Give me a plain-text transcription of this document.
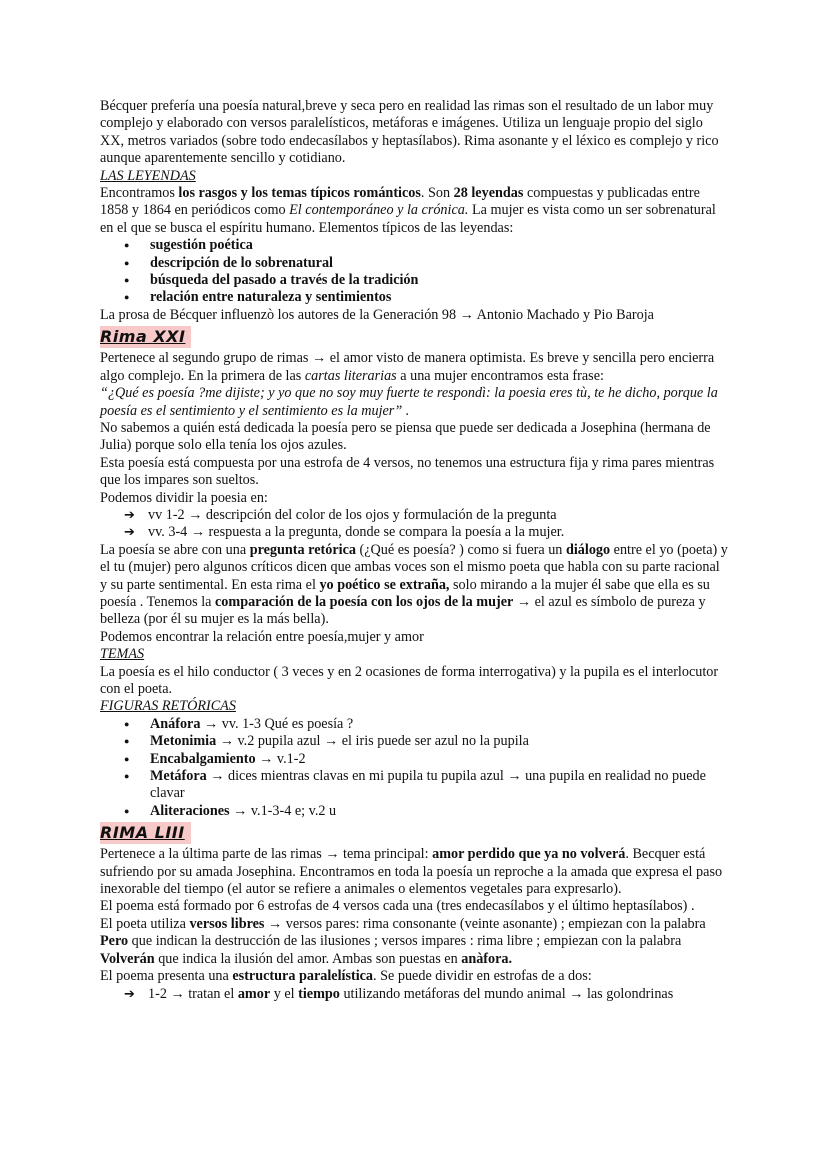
Bécquer prefería una poesía natural,breve y seca pero en realidad las rimas son el resultado de un labor muy complejo y elaborado con versos paralelísticos, metáforas e imágenes. Utiliza un lenguaje propio del siglo XX, metros variados (sobre todo endecasílabos y heptasílabos). Rima asonante y el léxico es complejo y rico aunque aparentemente sencillo y cotidiano.

LAS LEYENDAS

Encontramos los rasgos y los temas típicos románticos. Son 28 leyendas compuestas y publicadas entre 1858 y 1864 en periódicos como El contemporáneo y la crónica. La mujer es vista como un ser sobrenatural en el que se busca el espíritu humano. Elementos típicos de las leyendas:

● sugestión poética
● descripción de lo sobrenatural
● búsqueda del pasado a través de la tradición
● relación entre naturaleza y sentimientos

La prosa de Bécquer influenzò los autores de la Generación 98 → Antonio Machado y Pio Baroja

Rima XXI

Pertenece al segundo grupo de rimas → el amor visto de manera optimista. Es breve y sencilla pero encierra algo complejo. En la primera de las cartas literarias a una mujer encontramos esta frase:

“¿Qué es poesía ?me dijiste; y yo que no soy muy fuerte te respondì: la poesia eres tù, te he dicho, porque la poesía es el sentimiento y el sentimiento es la mujer” .

No sabemos a quién está dedicada la poesía pero se piensa que puede ser dedicada a Josephina (hermana de Julia) porque solo ella tenía los ojos azules.

Esta poesía está compuesta por una estrofa de 4 versos, no tenemos una estructura fija y rima pares mientras que los impares son sueltos.

Podemos dividir la poesia en:

➔ vv 1-2 → descripción del color de los ojos y formulación de la pregunta
➔ vv. 3-4 → respuesta a la pregunta, donde se compara la poesía a la mujer.

La poesía se abre con una pregunta retórica (¿Qué es poesía? ) como si fuera un diálogo entre el yo (poeta) y el tu (mujer) pero algunos críticos dicen que ambas voces son el mismo poeta que habla con su parte racional y su parte sentimental. En esta rima el yo poético se extraña, solo mirando a la mujer él sabe que ella es su poesía . Tenemos la comparación de la poesía con los ojos de la mujer → el azul es símbolo de pureza y belleza (por él su mujer es la más bella).

Podemos encontrar la relación entre poesía,mujer y amor

TEMAS

La poesía es el hilo conductor ( 3 veces y en 2 ocasiones de forma interrogativa) y la pupila es el interlocutor con el poeta.

FIGURAS RETÓRICAS

● Anáfora → vv. 1-3 Qué es poesía ?
● Metonimia → v.2 pupila azul → el iris puede ser azul no la pupila
● Encabalgamiento → v.1-2
● Metáfora → dices mientras clavas en mi pupila tu pupila azul → una pupila en realidad no puede clavar
● Aliteraciones → v.1-3-4 e; v.2 u
RIMA LIII

Pertenece a la última parte de las rimas → tema principal: amor perdido que ya no volverá. Becquer está sufriendo por su amada Josephina. Encontramos en toda la poesía un reproche a la amada que expresa el paso inexorable del tiempo (el autor se refiere a animales o elementos vegetales para expresarlo).

El poema está formado por 6 estrofas de 4 versos cada una (tres endecasílabos y el último heptasílabos) .

El poeta utiliza versos libres → versos pares: rima consonante (veinte asonante) ; empiezan con la palabra Pero que indican la destrucción de las ilusiones ; versos impares : rima libre ; empiezan con la palabra Volverán que indica la ilusión del amor. Ambas son puestas en anàfora.

El poema presenta una estructura paralelística. Se puede dividir en estrofas de a dos:

➔ 1-2 → tratan el amor y el tiempo utilizando metáforas del mundo animal → las golondrinas
